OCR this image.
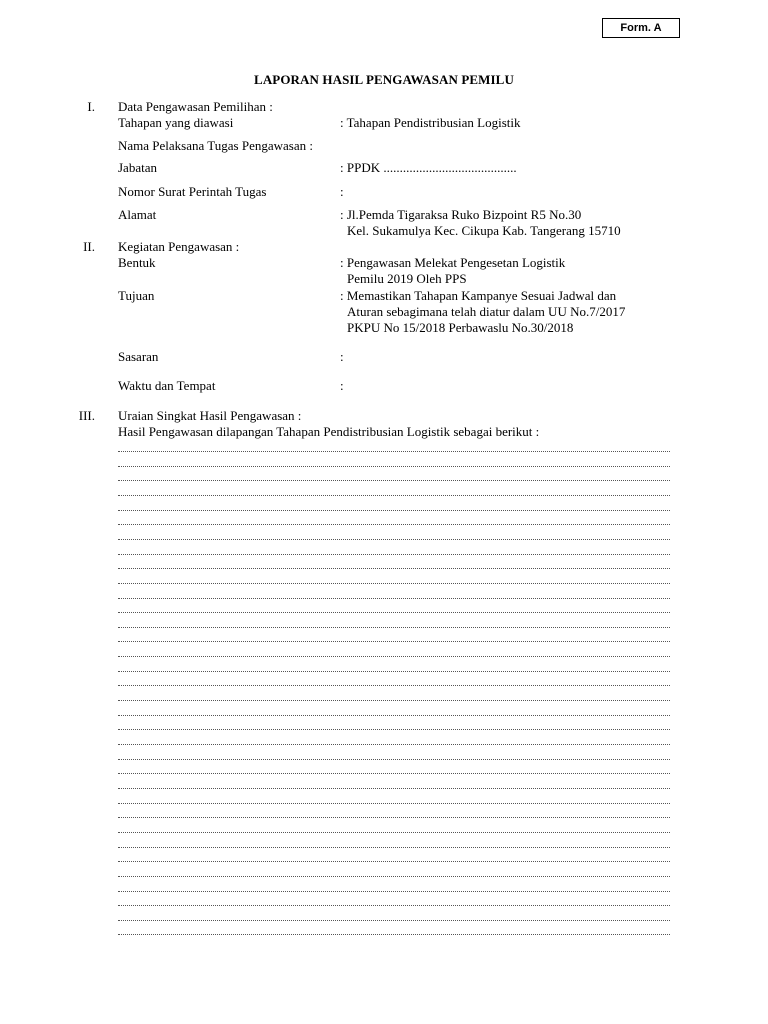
Form. A
LAPORAN HASIL PENGAWASAN PEMILU
I. Data Pengawasan Pemilihan :
Tahapan yang diawasi	: Tahapan Pendistribusian Logistik
Nama Pelaksana Tugas Pengawasan :
Jabatan	: PPDK .........................................
Nomor Surat Perintah Tugas	:
Alamat	: Jl.Pemda Tigaraksa Ruko Bizpoint R5 No.30
Kel. Sukamulya Kec. Cikupa Kab. Tangerang 15710
II. Kegiatan Pengawasan :
Bentuk	: Pengawasan Melekat Pengesetan Logistik
Pemilu 2019 Oleh PPS
Tujuan	: Memastikan Tahapan Kampanye Sesuai Jadwal dan
Aturan sebagimana telah diatur dalam UU No.7/2017
PKPU No 15/2018 Perbawaslu No.30/2018
Sasaran	:
Waktu dan Tempat	:
III. Uraian Singkat Hasil Pengawasan :
Hasil Pengawasan dilapangan Tahapan Pendistribusian Logistik sebagai berikut :
